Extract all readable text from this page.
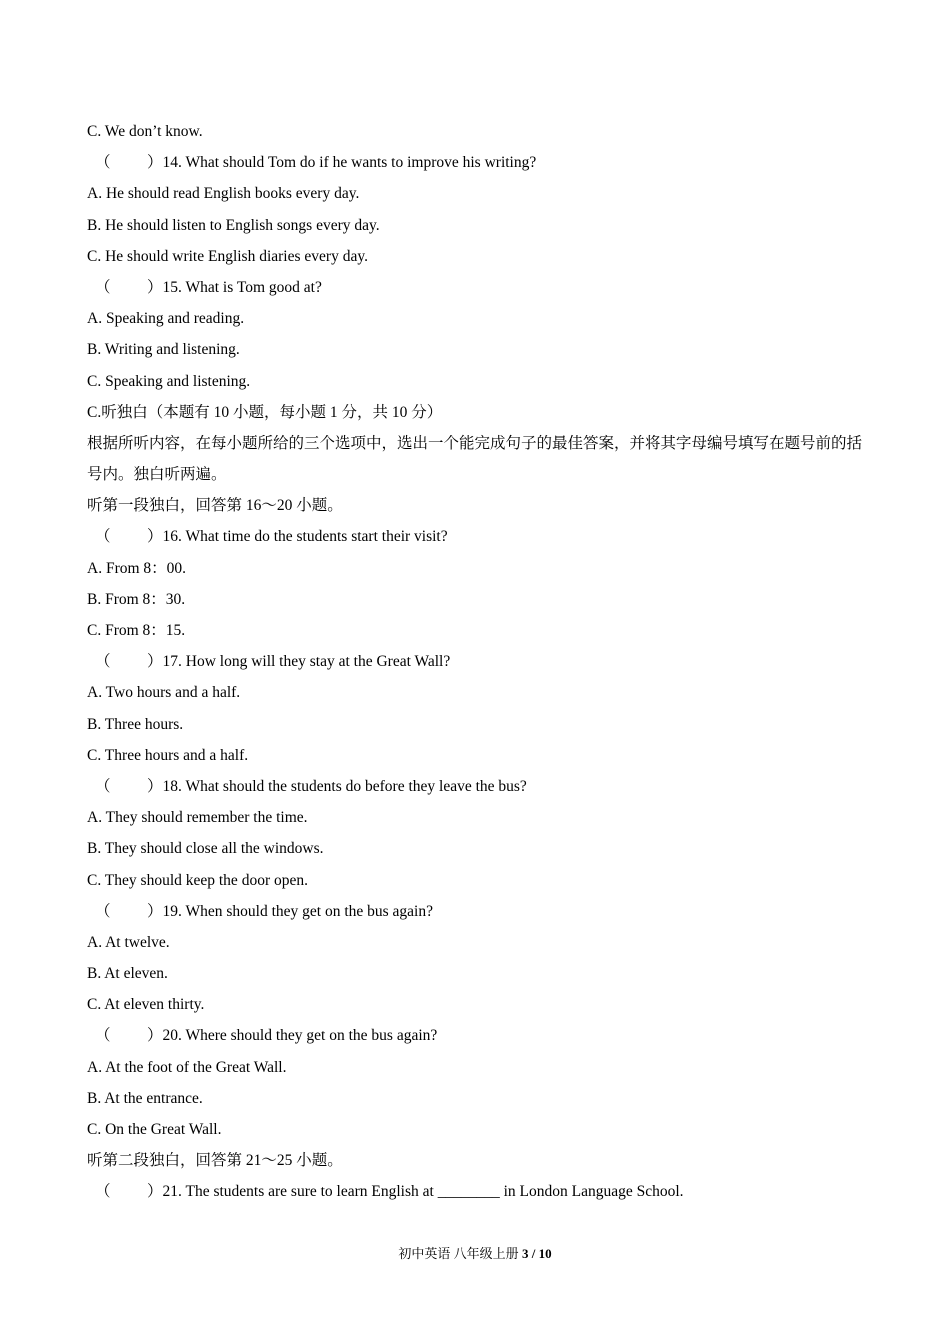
C. We don’t know.
（ ）14. What should Tom do if he wants to improve his writing?
A. He should read English books every day.
B. He should listen to English songs every day.
C. He should write English diaries every day.
（ ）15. What is Tom good at?
A. Speaking and reading.
B. Writing and listening.
C. Speaking and listening.
C.听独白（本题有 10 小题，每小题 1 分，共 10 分）
根据所听内容，在每小题所给的三个选项中，选出一个能完成句子的最佳答案，并将其字母编号填写在题号前的括号内。独白听两遍。
听第一段独白，回答第 16～20 小题。
（ ）16. What time do the students start their visit?
A. From 8：00.
B. From 8：30.
C. From 8：15.
（ ）17. How long will they stay at the Great Wall?
A. Two hours and a half.
B. Three hours.
C. Three hours and a half.
（ ）18. What should the students do before they leave the bus?
A. They should remember the time.
B. They should close all the windows.
C. They should keep the door open.
（ ）19. When should they get on the bus again?
A. At twelve.
B. At eleven.
C. At eleven thirty.
（ ）20. Where should they get on the bus again?
A. At the foot of the Great Wall.
B. At the entrance.
C. On the Great Wall.
听第二段独白，回答第 21～25 小题。
（ ）21. The students are sure to learn English at ________ in London Language School.
初中英语 八年级上册 3 / 10
